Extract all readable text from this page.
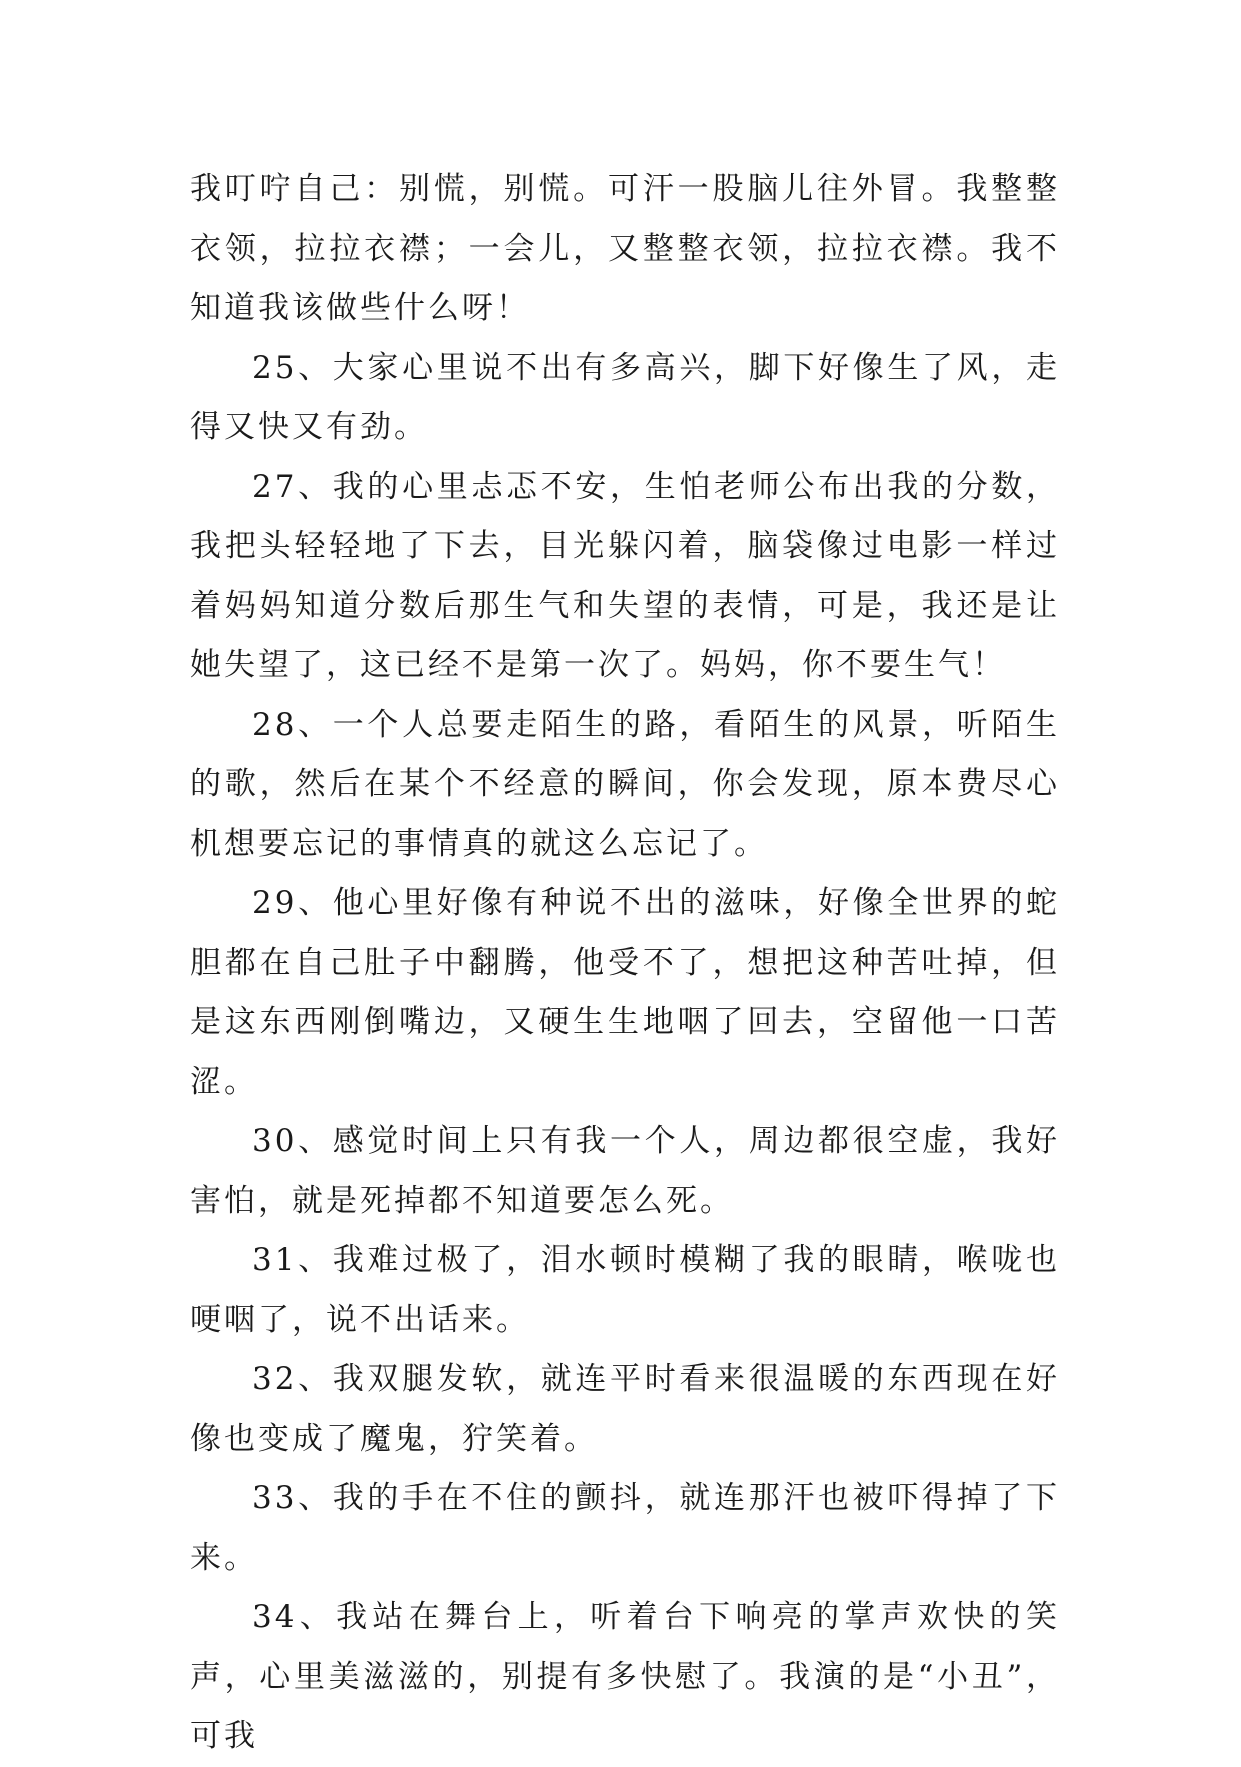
我叮咛自己：别慌，别慌。可汗一股脑儿往外冒。我整整衣领，拉拉衣襟；一会儿，又整整衣领，拉拉衣襟。我不知道我该做些什么呀！

25、大家心里说不出有多高兴，脚下好像生了风，走得又快又有劲。

27、我的心里忐忑不安，生怕老师公布出我的分数，我把头轻轻地了下去，目光躲闪着，脑袋像过电影一样过着妈妈知道分数后那生气和失望的表情，可是，我还是让她失望了，这已经不是第一次了。妈妈，你不要生气！

28、一个人总要走陌生的路，看陌生的风景，听陌生的歌，然后在某个不经意的瞬间，你会发现，原本费尽心机想要忘记的事情真的就这么忘记了。

29、他心里好像有种说不出的滋味，好像全世界的蛇胆都在自己肚子中翻腾，他受不了，想把这种苦吐掉，但是这东西刚倒嘴边，又硬生生地咽了回去，空留他一口苦涩。

30、感觉时间上只有我一个人，周边都很空虚，我好害怕，就是死掉都不知道要怎么死。

31、我难过极了，泪水顿时模糊了我的眼睛，喉咙也哽咽了，说不出话来。

32、我双腿发软，就连平时看来很温暖的东西现在好像也变成了魔鬼，狞笑着。

33、我的手在不住的颤抖，就连那汗也被吓得掉了下来。

34、我站在舞台上，听着台下响亮的掌声欢快的笑声，心里美滋滋的，别提有多快慰了。我演的是“小丑”，可我
